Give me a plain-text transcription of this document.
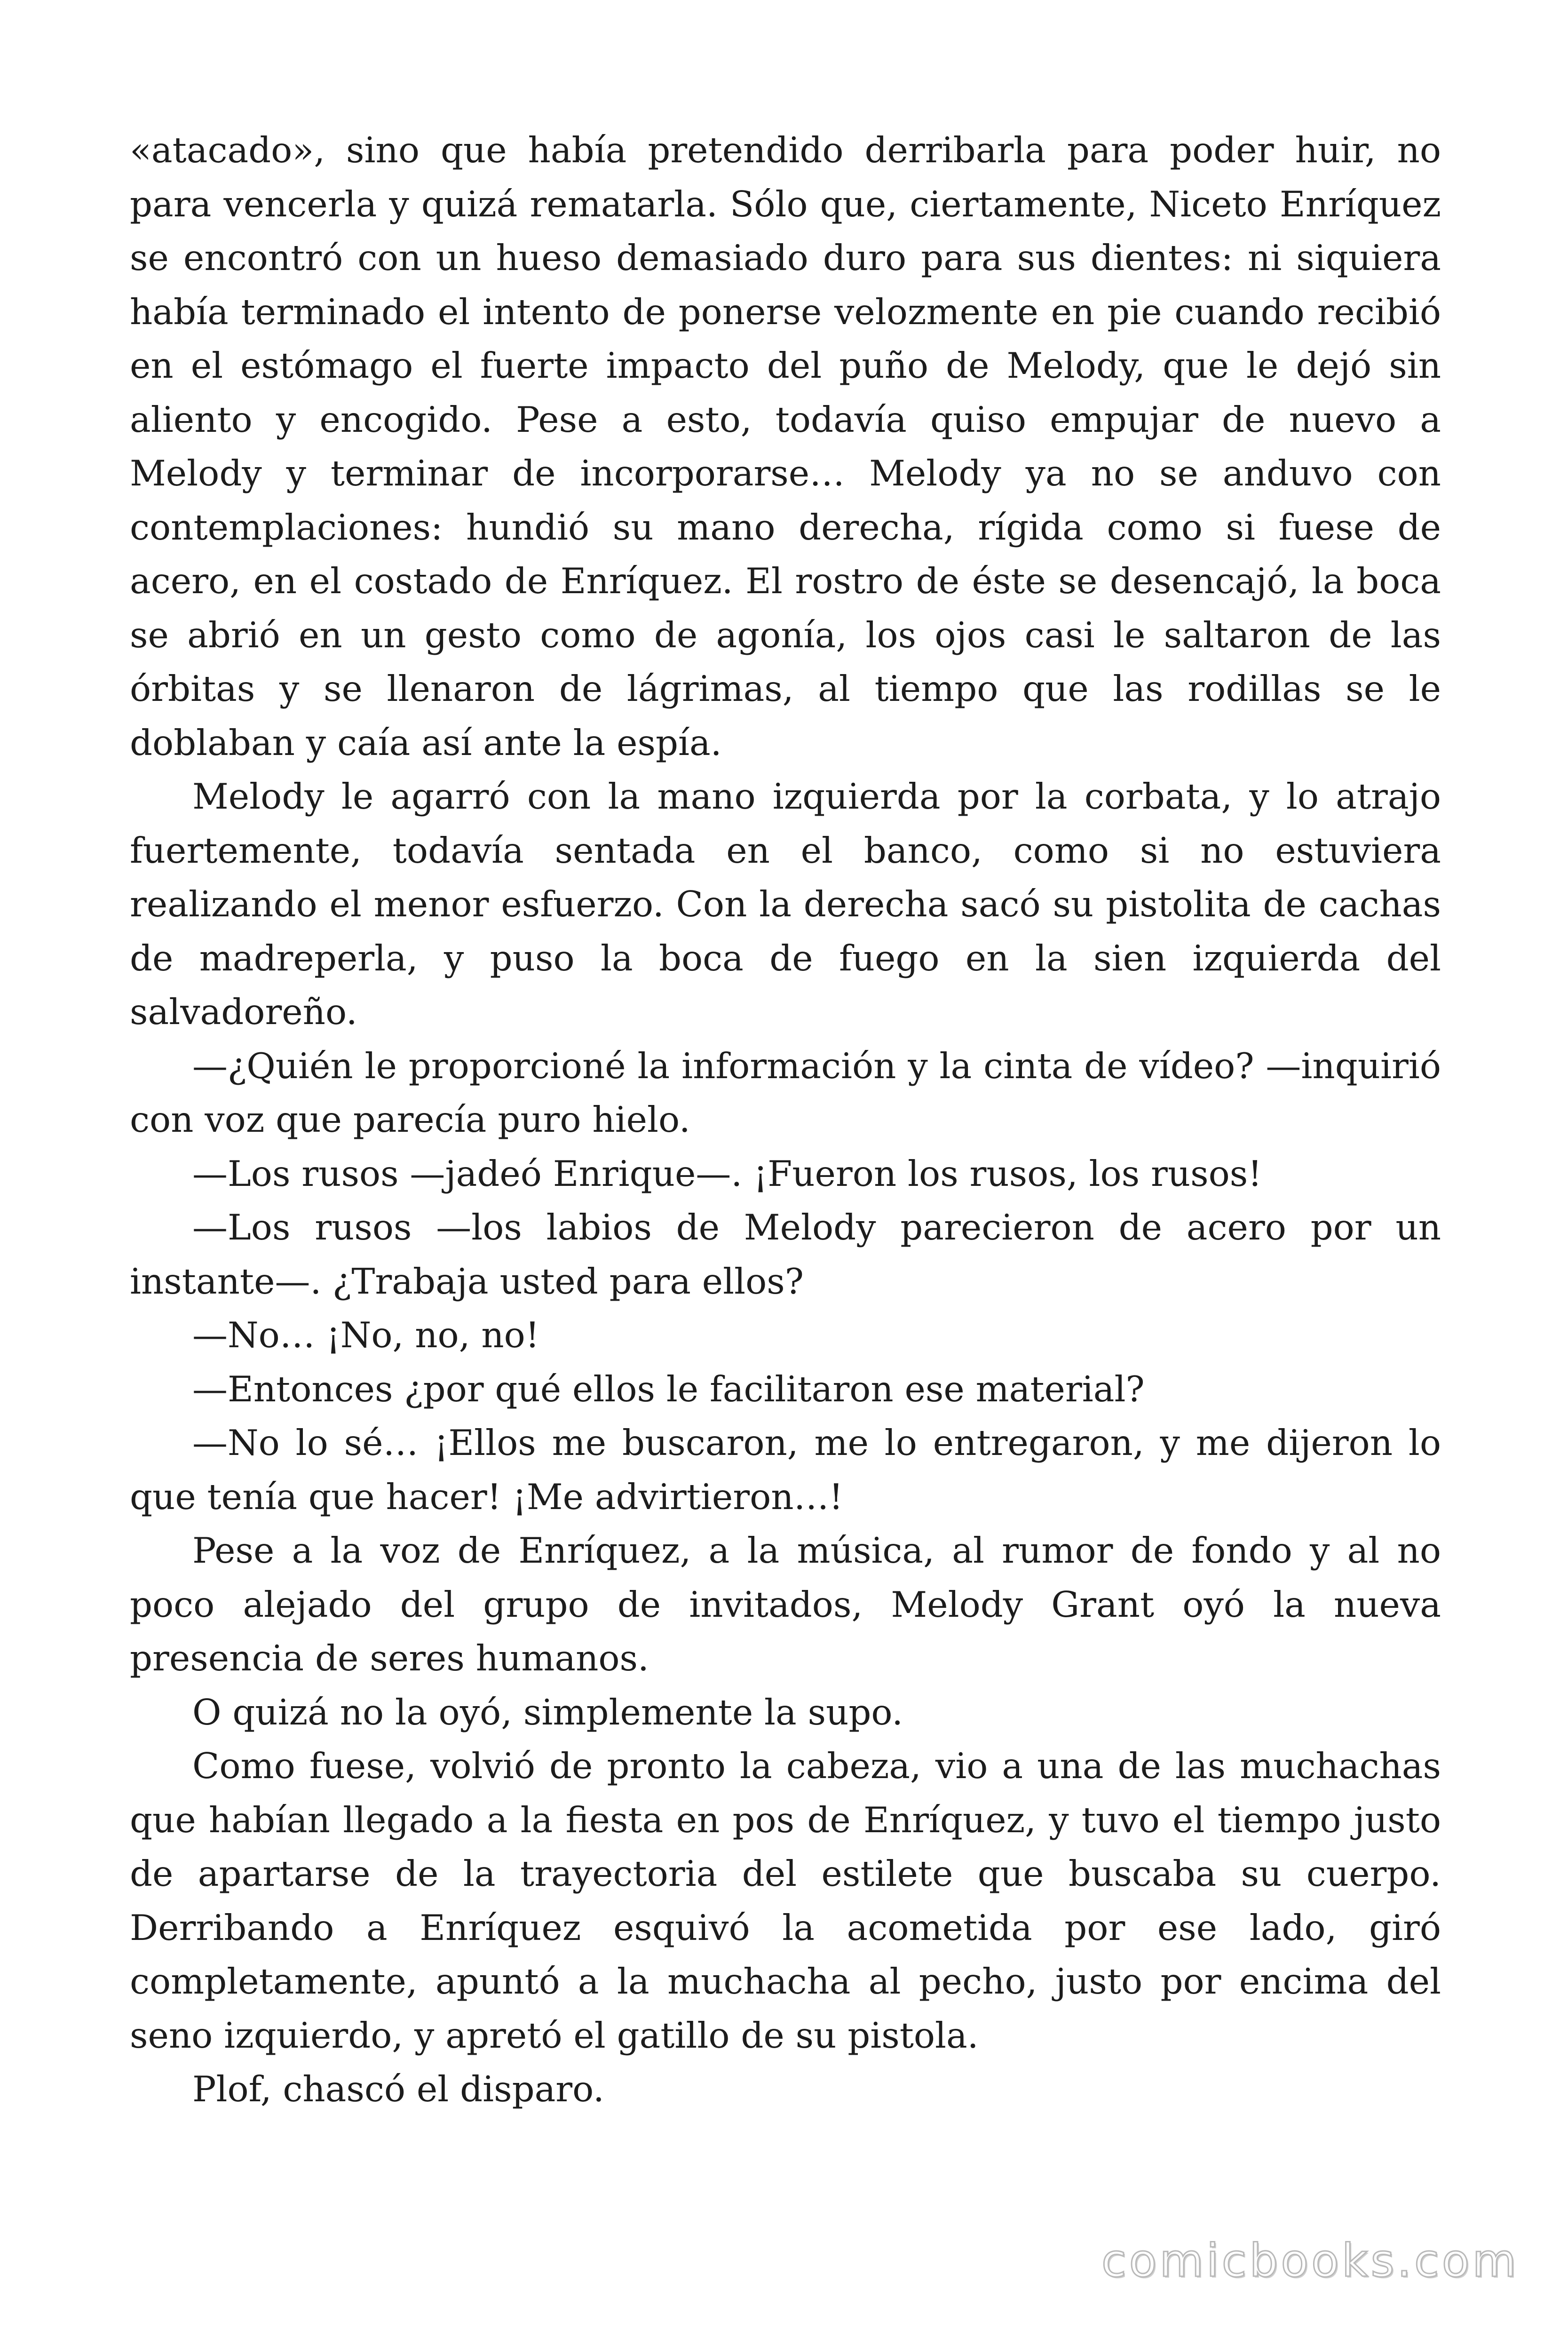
«atacado», sino que había pretendido derribarla para poder huir, no para vencerla y quizá rematarla. Sólo que, ciertamente, Niceto Enríquez se encontró con un hueso demasiado duro para sus dientes: ni siquiera había terminado el intento de ponerse velozmente en pie cuando recibió en el estómago el fuerte impacto del puño de Melody, que le dejó sin aliento y encogido. Pese a esto, todavía quiso empujar de nuevo a Melody y terminar de incorporarse… Melody ya no se anduvo con contemplaciones: hundió su mano derecha, rígida como si fuese de acero, en el costado de Enríquez. El rostro de éste se desencajó, la boca se abrió en un gesto como de agonía, los ojos casi le saltaron de las órbitas y se llenaron de lágrimas, al tiempo que las rodillas se le doblaban y caía así ante la espía.

Melody le agarró con la mano izquierda por la corbata, y lo atrajo fuertemente, todavía sentada en el banco, como si no estuviera realizando el menor esfuerzo. Con la derecha sacó su pistolita de cachas de madreperla, y puso la boca de fuego en la sien izquierda del salvadoreño.

—¿Quién le proporcioné la información y la cinta de vídeo? —inquirió con voz que parecía puro hielo.

—Los rusos —jadeó Enrique—. ¡Fueron los rusos, los rusos!

—Los rusos —los labios de Melody parecieron de acero por un instante—. ¿Trabaja usted para ellos?

—No… ¡No, no, no!

—Entonces ¿por qué ellos le facilitaron ese material?

—No lo sé… ¡Ellos me buscaron, me lo entregaron, y me dijeron lo que tenía que hacer! ¡Me advirtieron…!

Pese a la voz de Enríquez, a la música, al rumor de fondo y al no poco alejado del grupo de invitados, Melody Grant oyó la nueva presencia de seres humanos.

O quizá no la oyó, simplemente la supo.

Como fuese, volvió de pronto la cabeza, vio a una de las muchachas que habían llegado a la fiesta en pos de Enríquez, y tuvo el tiempo justo de apartarse de la trayectoria del estilete que buscaba su cuerpo. Derribando a Enríquez esquivó la acometida por ese lado, giró completamente, apuntó a la muchacha al pecho, justo por encima del seno izquierdo, y apretó el gatillo de su pistola.

Plof, chascó el disparo.

comicbooks.com
